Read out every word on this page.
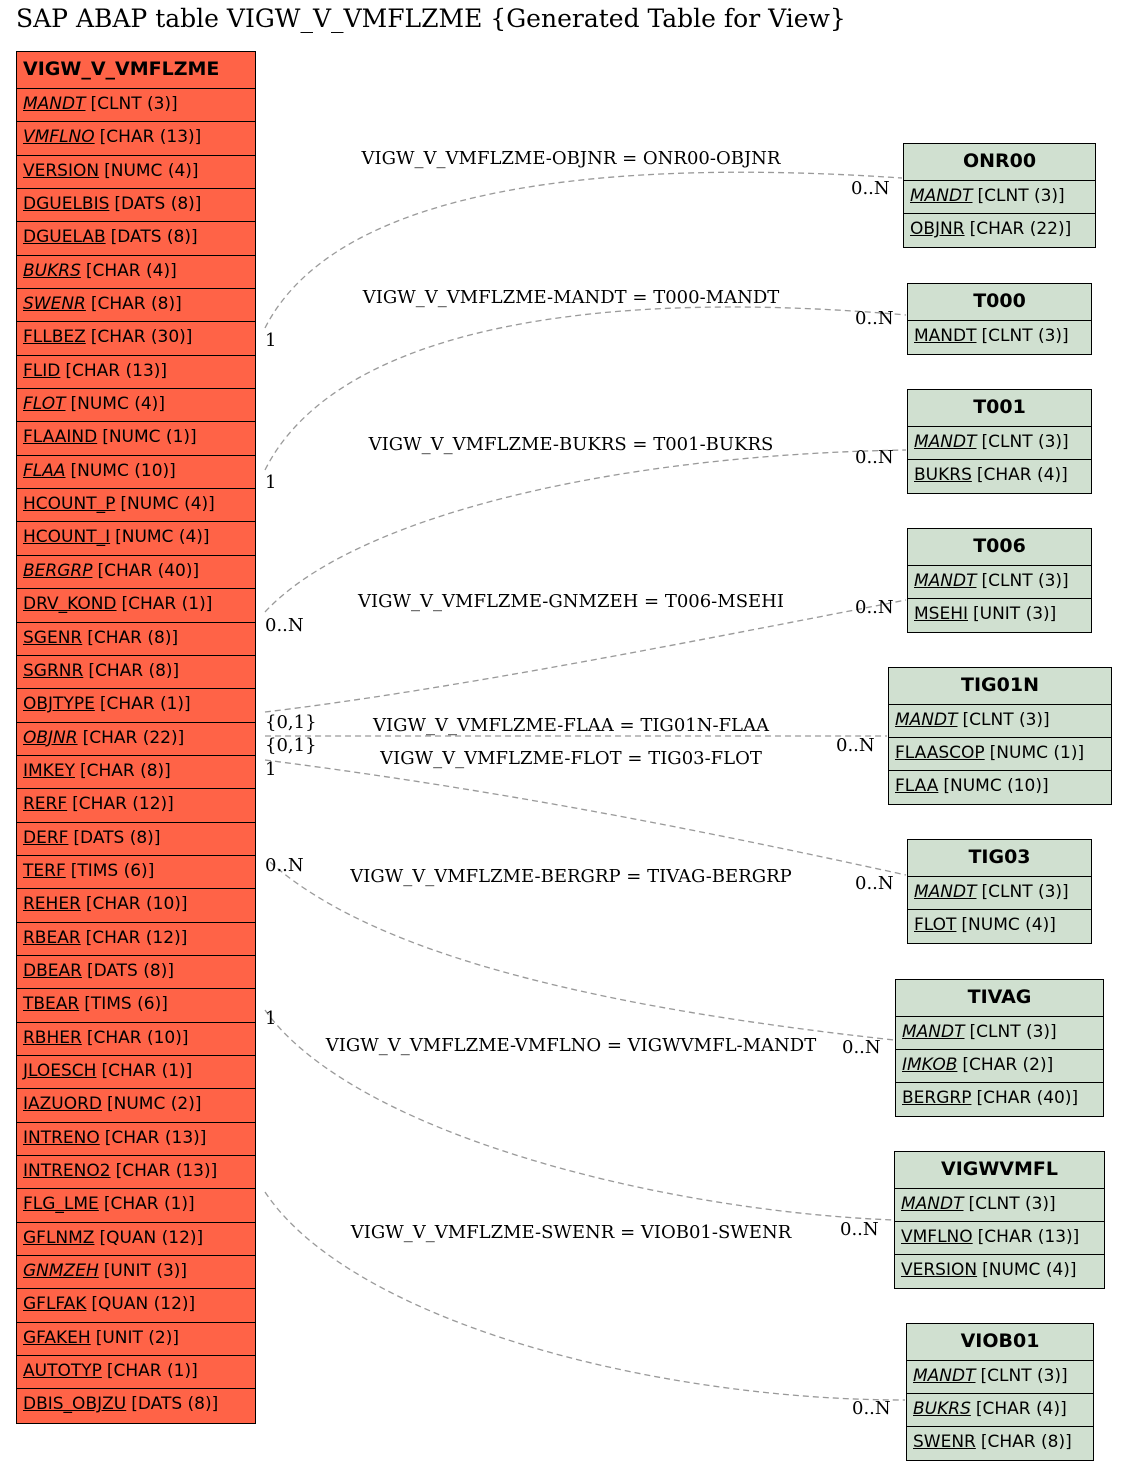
SAP ABAP table VIGW_V_VMFLZME {Generated Table for View}
VIGW_V_VMFLZME
MANDT [CLNT (3)]
VMFLNO [CHAR (13)]
VERSION [NUMC (4)]
DGUELBIS [DATS (8)]
DGUELAB [DATS (8)]
BUKRS [CHAR (4)]
SWENR [CHAR (8)]
FLLBEZ [CHAR (30)]
FLID [CHAR (13)]
FLOT [NUMC (4)]
FLAAIND [NUMC (1)]
FLAA [NUMC (10)]
HCOUNT_P [NUMC (4)]
HCOUNT_I [NUMC (4)]
BERGRP [CHAR (40)]
DRV_KOND [CHAR (1)]
SGENR [CHAR (8)]
SGRNR [CHAR (8)]
OBJTYPE [CHAR (1)]
OBJNR [CHAR (22)]
IMKEY [CHAR (8)]
RERF [CHAR (12)]
DERF [DATS (8)]
TERF [TIMS (6)]
REHER [CHAR (10)]
RBEAR [CHAR (12)]
DBEAR [DATS (8)]
TBEAR [TIMS (6)]
RBHER [CHAR (10)]
JLOESCH [CHAR (1)]
IAZUORD [NUMC (2)]
INTRENO [CHAR (13)]
INTRENO2 [CHAR (13)]
FLG_LME [CHAR (1)]
GFLNMZ [QUAN (12)]
GNMZEH [UNIT (3)]
GFLFAK [QUAN (12)]
GFAKEH [UNIT (2)]
AUTOTYP [CHAR (1)]
DBIS_OBJZU [DATS (8)]
ONR00
MANDT [CLNT (3)]
OBJNR [CHAR (22)]
T000
MANDT [CLNT (3)]
T001
MANDT [CLNT (3)]
BUKRS [CHAR (4)]
T006
MANDT [CLNT (3)]
MSEHI [UNIT (3)]
TIG01N
MANDT [CLNT (3)]
FLAASCOP [NUMC (1)]
FLAA [NUMC (10)]
TIG03
MANDT [CLNT (3)]
FLOT [NUMC (4)]
TIVAG
MANDT [CLNT (3)]
IMKOB [CHAR (2)]
BERGRP [CHAR (40)]
VIGWVMFL
MANDT [CLNT (3)]
VMFLNO [CHAR (13)]
VERSION [NUMC (4)]
VIOB01
MANDT [CLNT (3)]
BUKRS [CHAR (4)]
SWENR [CHAR (8)]
VIGW_V_VMFLZME-OBJNR = ONR00-OBJNR
0..N
VIGW_V_VMFLZME-MANDT = T000-MANDT
0..N
VIGW_V_VMFLZME-BUKRS = T001-BUKRS
0..N
VIGW_V_VMFLZME-GNMZEH = T006-MSEHI	0..N
VIGW_V_VMFLZME-FLAA = TIG01N-FLAA
0..N
VIGW_V_VMFLZME-FLOT = TIG03-FLOT
0..N
VIGW_V_VMFLZME-BERGRP = TIVAG-BERGRP
0..N
VIGW_V_VMFLZME-VMFLNO = VIGWVMFL-MANDT
0..N
VIGW_V_VMFLZME-SWENR = VIOB01-SWENR
0..N
1
1
0..N
{0,1}
{0,1}
1
0..N
1
